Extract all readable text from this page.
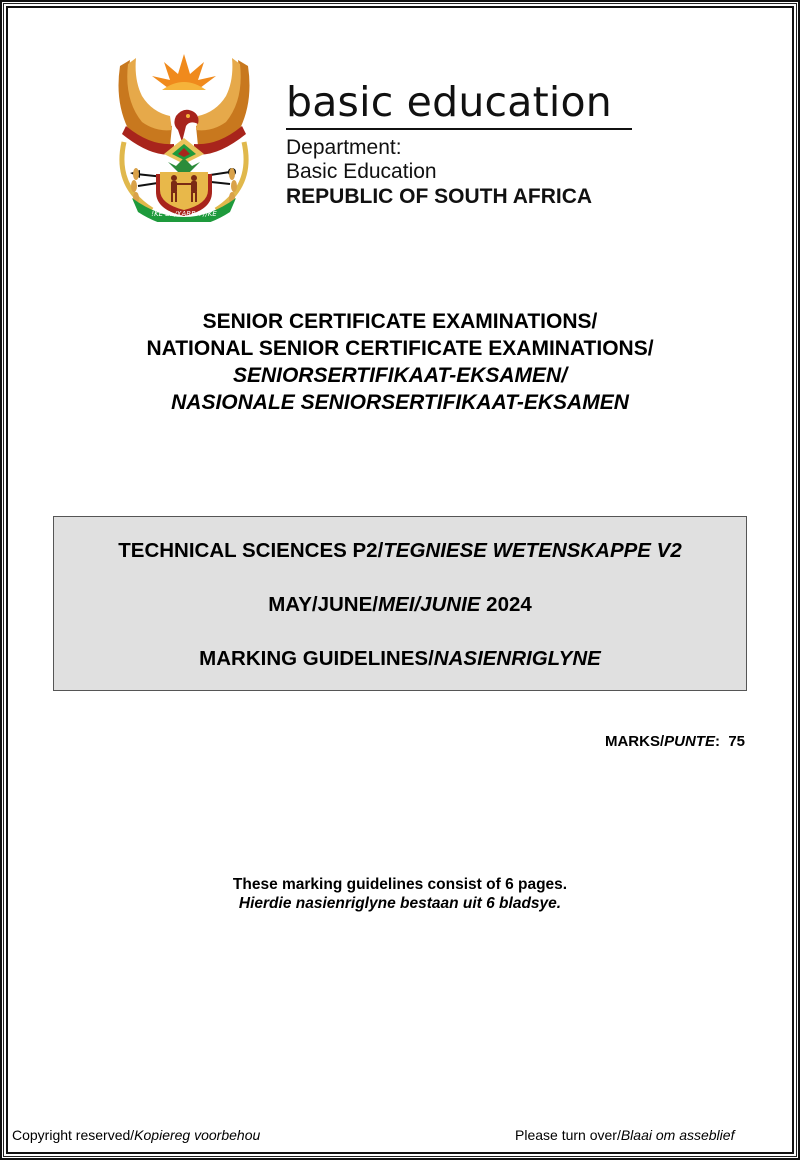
!KE E: /XARRA //KE
basic education
Department:
Basic Education
REPUBLIC OF SOUTH AFRICA
SENIOR CERTIFICATE EXAMINATIONS/
NATIONAL SENIOR CERTIFICATE EXAMINATIONS/
SENIORSERTIFIKAAT-EKSAMEN/
NASIONALE SENIORSERTIFIKAAT-EKSAMEN
TECHNICAL SCIENCES P2/TEGNIESE WETENSKAPPE V2
MAY/JUNE/MEI/JUNIE 2024
MARKING GUIDELINES/NASIENRIGLYNE
MARKS/PUNTE:  75
These marking guidelines consist of 6 pages.
Hierdie nasienriglyne bestaan uit 6 bladsye.
Copyright reserved/Kopiereg voorbehou	Please turn over/Blaai om asseblief
